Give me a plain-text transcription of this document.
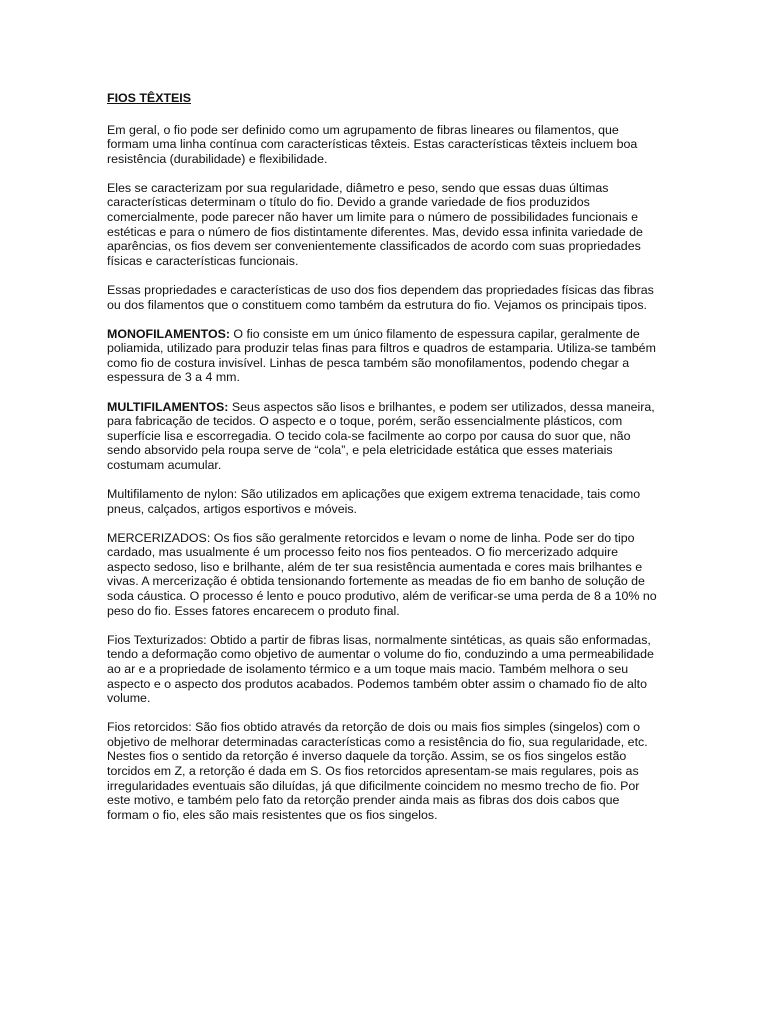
FIOS TÊXTEIS

Em geral, o fio pode ser definido como um agrupamento de fibras lineares ou filamentos, que formam uma linha contínua com características têxteis. Estas características têxteis incluem boa resistência (durabilidade) e flexibilidade.

Eles se caracterizam por sua regularidade, diâmetro e peso, sendo que essas duas últimas características determinam o título do fio. Devido a grande variedade de fios produzidos comercialmente, pode parecer não haver um limite para o número de possibilidades funcionais e estéticas e para o número de fios distintamente diferentes. Mas, devido essa infinita variedade de aparências, os fios devem ser convenientemente classificados de acordo com suas propriedades físicas e características funcionais.

Essas propriedades e características de uso dos fios dependem das propriedades físicas das fibras ou dos filamentos que o constituem como também da estrutura do fio. Vejamos os principais tipos.

MONOFILAMENTOS: O fio consiste em um único filamento de espessura capilar, geralmente de poliamida, utilizado para produzir telas finas para filtros e quadros de estamparia. Utiliza-se também como fio de costura invisível. Linhas de pesca também são monofilamentos, podendo chegar a espessura de 3 a 4 mm.

MULTIFILAMENTOS: Seus aspectos são lisos e brilhantes, e podem ser utilizados, dessa maneira, para fabricação de tecidos. O aspecto e o toque, porém, serão essencialmente plásticos, com superfície lisa e escorregadia. O tecido cola-se facilmente ao corpo por causa do suor que, não sendo absorvido pela roupa serve de “cola”, e pela eletricidade estática que esses materiais costumam acumular.

Multifilamento de nylon: São utilizados em aplicações que exigem extrema tenacidade, tais como pneus, calçados, artigos esportivos e móveis.

MERCERIZADOS: Os fios são geralmente retorcidos e levam o nome de linha. Pode ser do tipo cardado, mas usualmente é um processo feito nos fios penteados. O fio mercerizado adquire aspecto sedoso, liso e brilhante, além de ter sua resistência aumentada e cores mais brilhantes e vivas. A mercerização é obtida tensionando fortemente as meadas de fio em banho de solução de soda cáustica. O processo é lento e pouco produtivo, além de verificar-se uma perda de 8 a 10% no peso do fio. Esses fatores encarecem o produto final.

Fios Texturizados: Obtido a partir de fibras lisas, normalmente sintéticas, as quais são enformadas, tendo a deformação como objetivo de aumentar o volume do fio, conduzindo a uma permeabilidade ao ar e a propriedade de isolamento térmico e a um toque mais macio. Também melhora o seu aspecto e o aspecto dos produtos acabados. Podemos também obter assim o chamado fio de alto volume.

Fios retorcidos: São fios obtido através da retorção de dois ou mais fios simples (singelos) com o objetivo de melhorar determinadas características como a resistência do fio, sua regularidade, etc. Nestes fios o sentido da retorção é inverso daquele da torção. Assim, se os fios singelos estão torcidos em Z, a retorção é dada em S. Os fios retorcidos apresentam-se mais regulares, pois as irregularidades eventuais são diluídas, já que dificilmente coincidem no mesmo trecho de fio. Por este motivo, e também pelo fato da retorção prender ainda mais as fibras dos dois cabos que formam o fio, eles são mais resistentes que os fios singelos.
